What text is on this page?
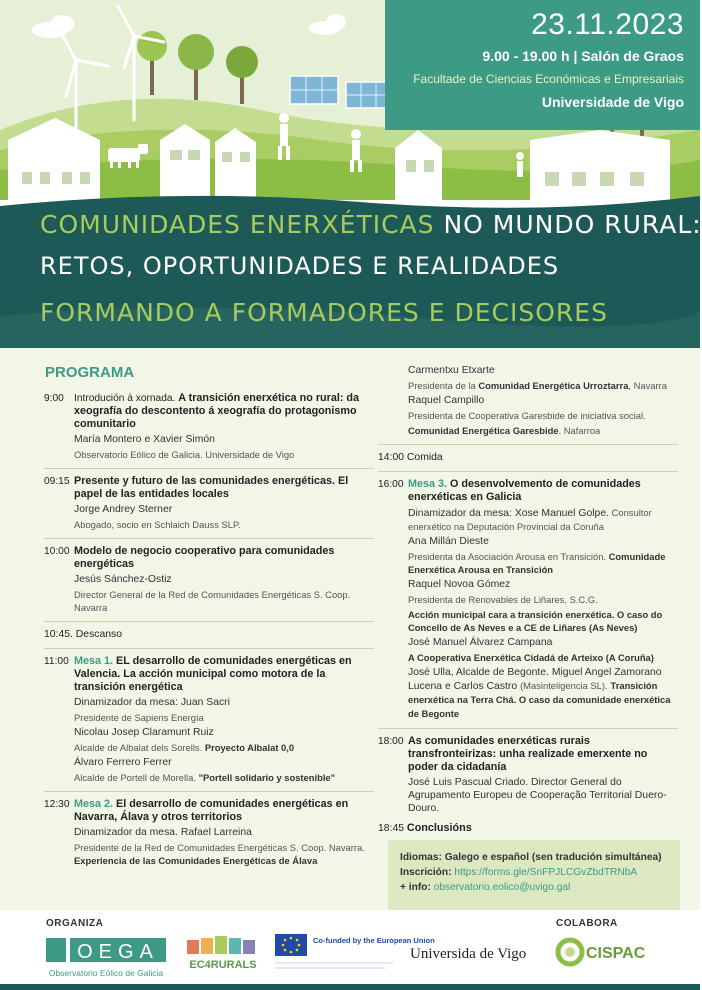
23.11.2023
9.00 - 19.00 h | Salón de Graos
Facultade de Ciencias Económicas e Empresariais
Universidade de Vigo
COMUNIDADES ENERXÉTICAS NO MUNDO RURAL:
RETOS, OPORTUNIDADES E REALIDADES
FORMANDO A FORMADORES E DECISORES
PROGRAMA
9:00 Introdución á xornada. A transición enerxética no rural: da xeografía do descontento á xeografía do protagonismo comunitario
María Montero e Xavier Simón
Observatorio Eólico de Galicia. Universidade de Vigo
09:15 Presente y futuro de las comunidades energéticas. El papel de las entidades locales
Jorge Andrey Sterner
Abogado, socio en Schlaich Dauss SLP.
10:00 Modelo de negocio cooperativo para comunidades energéticas
Jesús Sánchez-Ostiz
Director General de la Red de Comunidades Energéticas S. Coop. Navarra
10:45. Descanso
11:00 Mesa 1. EL desarrollo de comunidades energéticas en Valencia. La acción municipal como motora de la transición energética
Dinamizador da mesa: Juan Sacri
Presidente de Sapiens Energía
Nicolau Josep Claramunt Ruiz
Alcalde de Albalat dels Sorells. Proyecto Albalat 0,0
Álvaro Ferrero Ferrer
Alcalde de Portell de Morella. "Portell solidario y sostenible"
12:30 Mesa 2. El desarrollo de comunidades energéticas en Navarra, Álava y otros territorios
Dinamizador da mesa. Rafael Larreina
Presidente de la Red de Comunidades Energéticas S. Coop. Navarra. Experiencia de las Comunidades Energéticas de Álava
Carmentxu Etxarte
Presidenta de la Comunidad Energética Urroztarra, Navarra
Raquel Campillo
Presidenta de Cooperativa Garesbide de iniciativa social.
Comunidad Energética Garesbide. Nafarroa
14:00 Comida
16:00 Mesa 3. O desenvolvemento de comunidades enerxéticas en Galicia
Dinamizador da mesa: Xose Manuel Golpe. Consultor enerxético na Deputación Provincial da Coruña
Ana Millán Dieste
Presidenta da Asociación Arousa en Transición. Comunidade Enerxética Arousa en Transición
Raquel Novoa Gómez
Presidenta de Renovables de Liñares, S.C.G.
Acción municipal cara a transición enerxética. O caso do Concello de As Neves e a CE de Liñares (As Neves)
José Manuel Álvarez Campana
A Cooperativa Enerxética Cidadá de Arteixo (A Coruña)
José Ulla, Alcalde de Begonte. Miguel Angel Zamorano Lucena e Carlos Castro (Masinteligencia SL). Transición enerxética na Terra Chá. O caso da comunidade enerxética de Begonte
18:00 As comunidades enerxéticas rurais transfronteirizas: unha realizade emerxente no poder da cidadanía
José Luis Pascual Criado. Director General do Agrupamento Europeu de Cooperação Territorial Duero-Douro.
18:45 Conclusións
Idiomas: Galego e español (sen tradución simultánea)
Inscrición: https://forms.gle/SnFPJLCGvZbdTRNbA
+ info: observatorio.eolico@uvigo.gal
ORGANIZA	COLABORA
OEGA
Observatorio Eólico de Galicia
EC4RURALS
Co-funded by the European Union
Universida de Vigo	CISPAC
